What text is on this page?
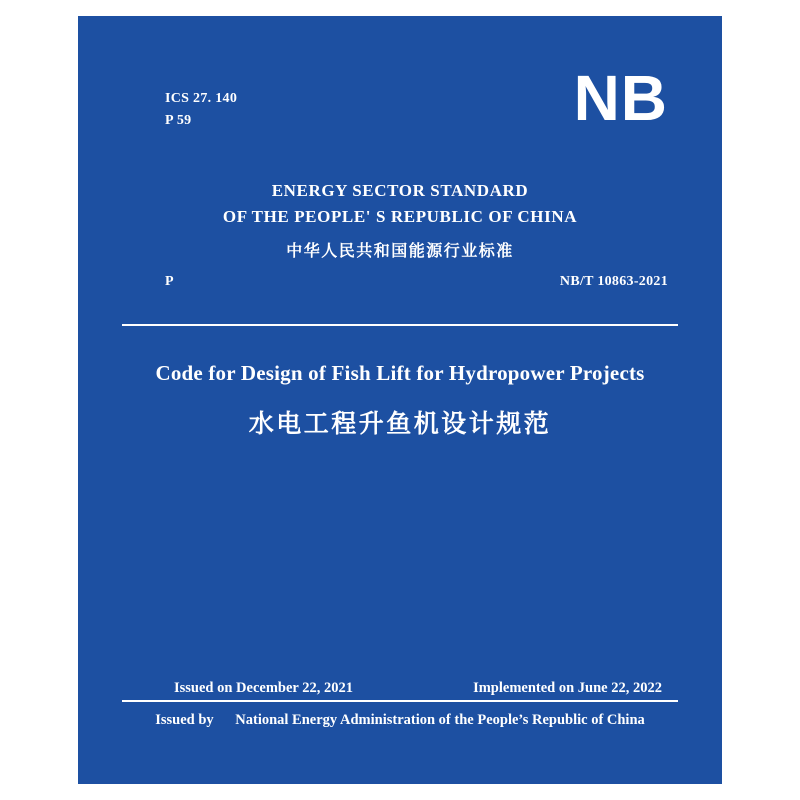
ICS 27. 140
P 59	NB
ENERGY SECTOR STANDARD
OF THE PEOPLE' S REPUBLIC OF CHINA
中华人民共和国能源行业标准
P	NB/T 10863-2021
Code for Design of Fish Lift for Hydropower Projects
水电工程升鱼机设计规范
Issued on December 22, 2021	Implemented on June 22, 2022
Issued by National Energy Administration of the People’s Republic of China
